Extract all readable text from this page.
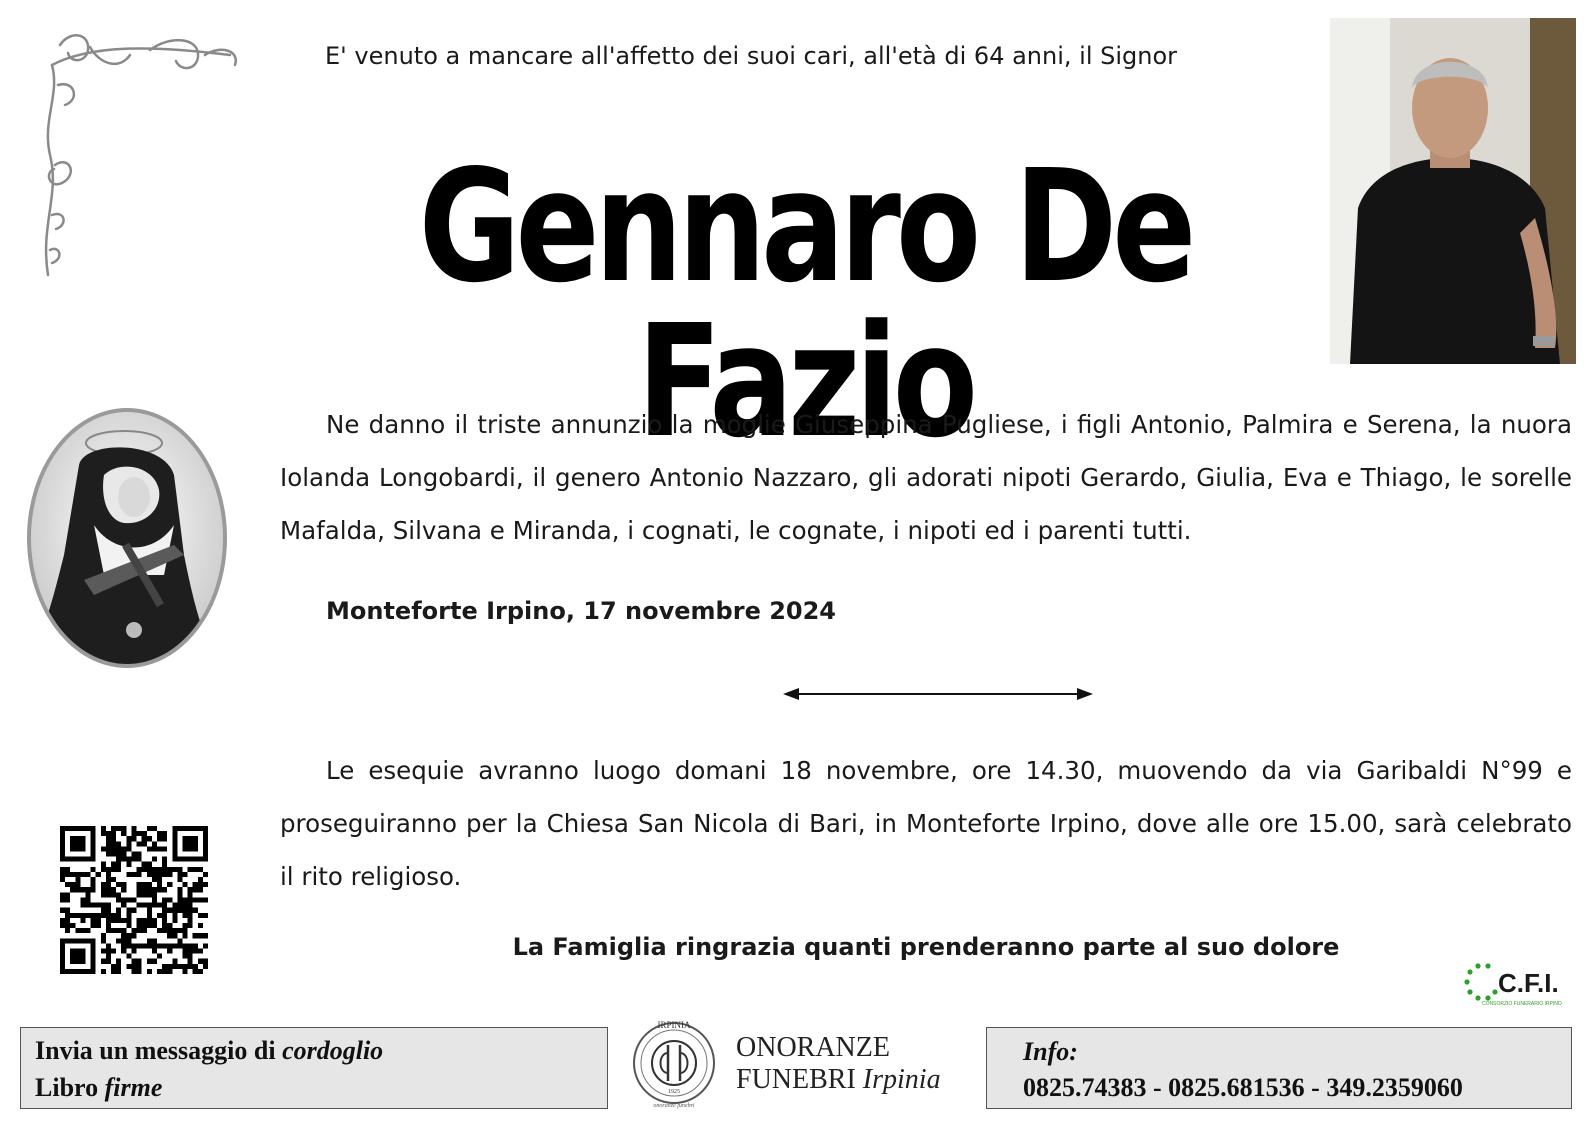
E' venuto a mancare all'affetto dei suoi cari, all'età di 64 anni, il Signor
Gennaro De Fazio
Ne danno il triste annunzio la moglie Giuseppina Pugliese, i figli Antonio, Palmira e Serena, la nuora Iolanda Longobardi, il genero Antonio Nazzaro, gli adorati nipoti Gerardo, Giulia, Eva e Thiago, le sorelle Mafalda, Silvana e Miranda, i cognati, le cognate, i nipoti ed i parenti tutti.
Monteforte Irpino, 17 novembre 2024
Le esequie avranno luogo domani 18 novembre, ore 14.30, muovendo da via Garibaldi N°99 e proseguiranno per la Chiesa San Nicola di Bari, in Monteforte Irpino, dove alle ore 15.00, sarà celebrato il rito religioso.
La Famiglia ringrazia quanti prenderanno parte al suo dolore
C.F.I.
CONSORZIO FUNERARIO IRPINO
Invia un messaggio di cordoglio
Libro firme
IRPINIA
1925
onoranze funebri
ONORANZE
FUNEBRI Irpinia
Info:
0825.74383 - 0825.681536 - 349.2359060
